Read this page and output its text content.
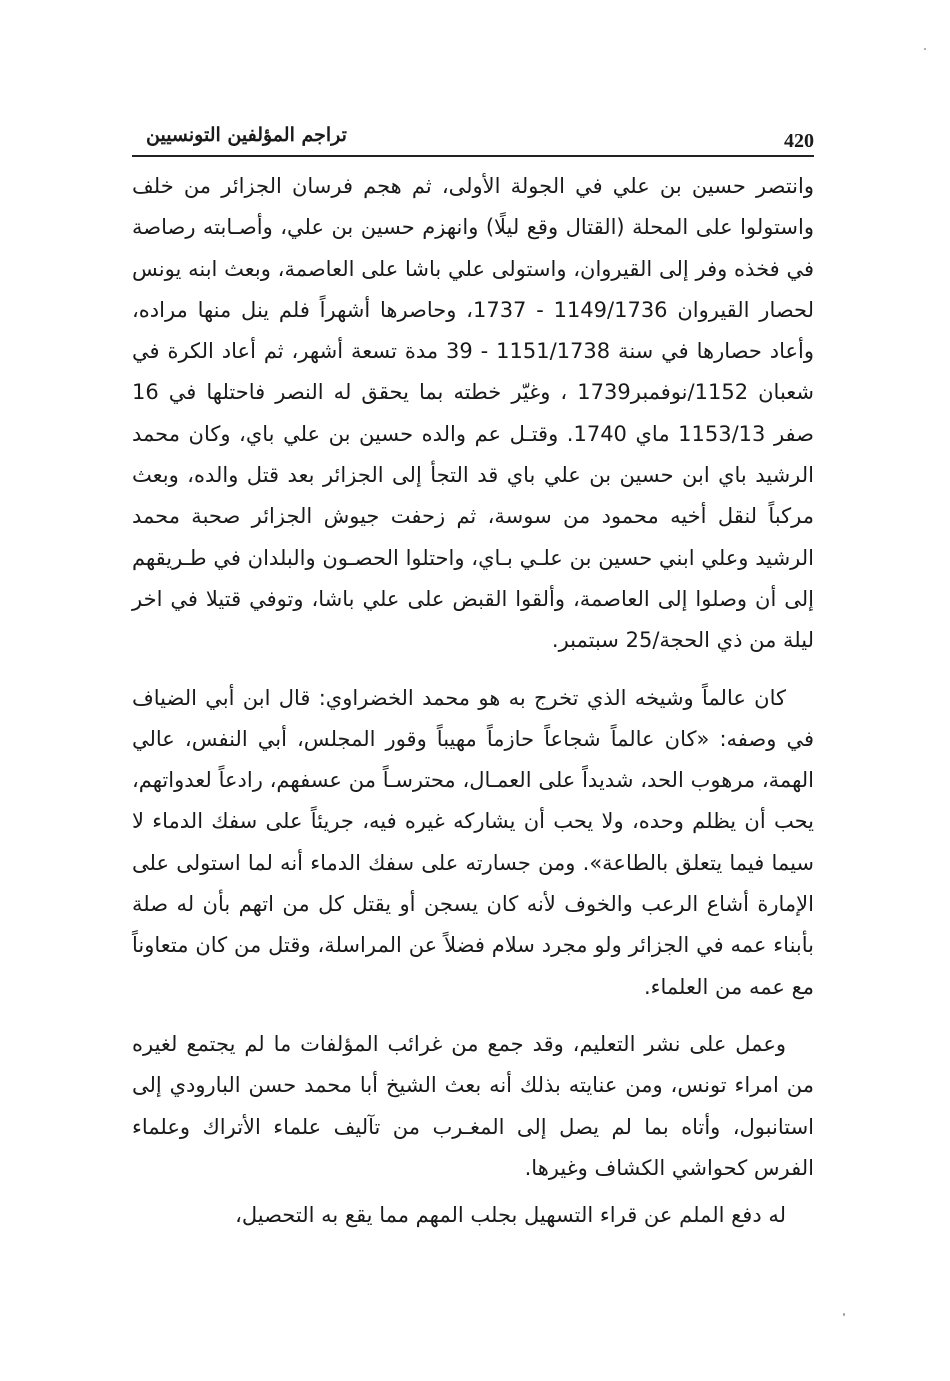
420
تراجم المؤلفين التونسيين

وانتصر حسين بن علي في الجولة الأولى، ثم هجم فرسان الجزائر من خلف واستولوا على المحلة (القتال وقع ليلًا) وانهزم حسين بن علي، وأصـابته رصاصة في فخذه وفر إلى القيروان، واستولى علي باشا على العاصمة، وبعث ابنه يونس لحصار القيروان 1149/1736 - 1737، وحاصرها أشهراً فلم ينل منها مراده، وأعاد حصارها في سنة 1151/1738 - 39 مدة تسعة أشهر، ثم أعاد الكرة في شعبان 1152/نوفمبر1739 ، وغيّر خطته بما يحقق له النصر فاحتلها في 16 صفر 1153/13 ماي 1740. وقتـل عم والده حسين بن علي باي، وكان محمد الرشيد باي ابن حسين بن علي باي قد التجأ إلى الجزائر بعد قتل والده، وبعث مركباً لنقل أخيه محمود من سوسة، ثم زحفت جيوش الجزائر صحبة محمد الرشيد وعلي ابني حسين بن علـي بـاي، واحتلوا الحصـون والبلدان في طـريقهم إلى أن وصلوا إلى العاصمة، وألقوا القبض على علي باشا، وتوفي قتيلا في اخر ليلة من ذي الحجة/25 سبتمبر.

كان عالماً وشيخه الذي تخرج به هو محمد الخضراوي: قال ابن أبي الضياف في وصفه: «كان عالماً شجاعاً حازماً مهيباً وقور المجلس، أبي النفس، عالي الهمة، مرهوب الحد، شديداً على العمـال، محترسـاً من عسفهم، رادعاً لعدواتهم، يحب أن يظلم وحده، ولا يحب أن يشاركه غيره فيه، جريئاً على سفك الدماء لا سيما فيما يتعلق بالطاعة». ومن جسارته على سفك الدماء أنه لما استولى على الإمارة أشاع الرعب والخوف لأنه كان يسجن أو يقتل كل من اتهم بأن له صلة بأبناء عمه في الجزائر ولو مجرد سلام فضلاً عن المراسلة، وقتل من كان متعاوناً مع عمه من العلماء.

وعمل على نشر التعليم، وقد جمع من غرائب المؤلفات ما لم يجتمع لغيره من امراء تونس، ومن عنايته بذلك أنه بعث الشيخ أبا محمد حسن البارودي إلى استانبول، وأتاه بما لم يصل إلى المغـرب من تآليف علماء الأتراك وعلماء الفرس كحواشي الكشاف وغيرها.

له دفع الملم عن قراء التسهيل بجلب المهم مما يقع به التحصيل،
